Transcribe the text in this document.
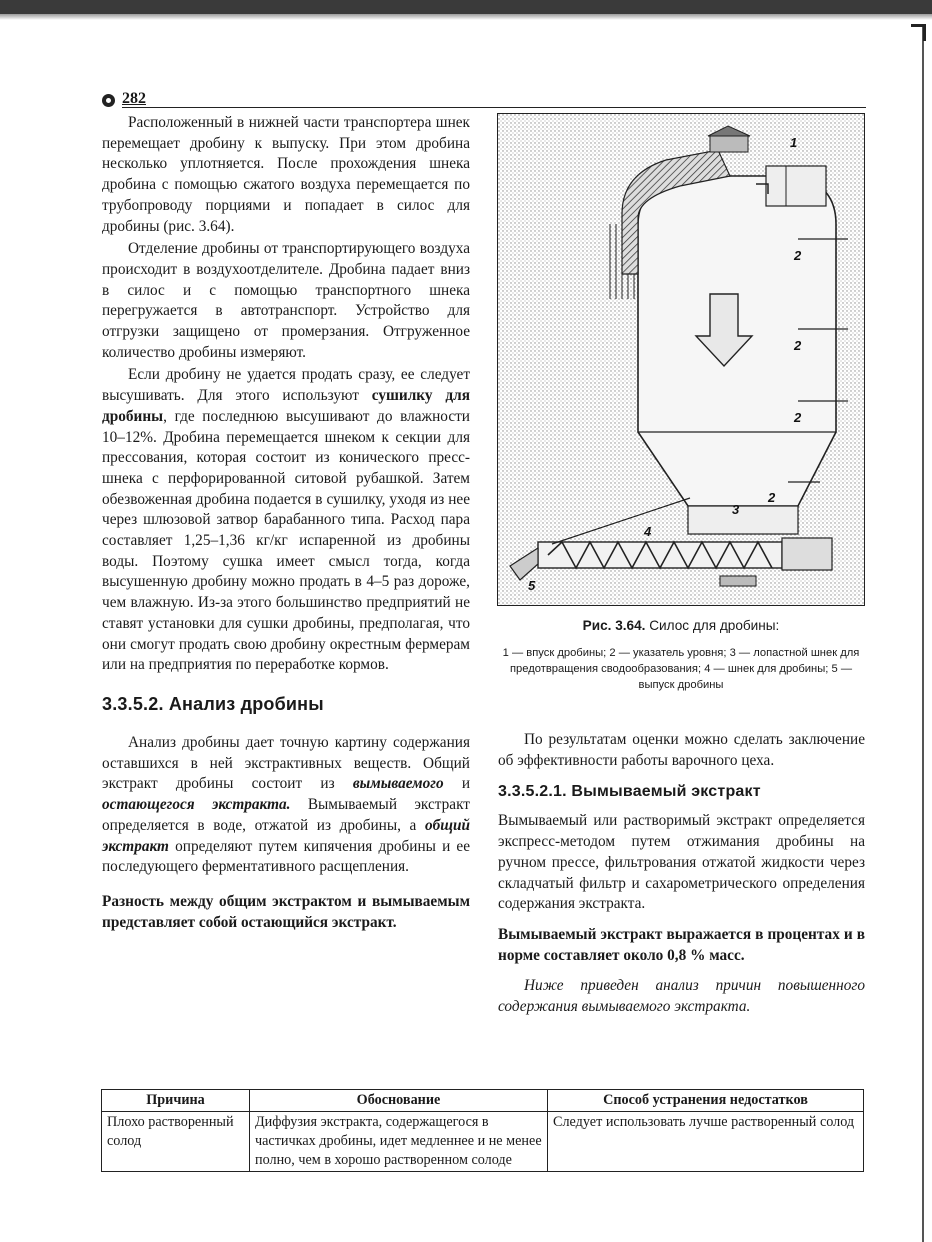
282

Расположенный в нижней части транспортера шнек перемещает дробину к выпуску. При этом дробина несколько уплотняется. После прохождения шнека дробина с помощью сжатого воздуха перемещается по трубопроводу порциями и попадает в силос для дробины (рис. 3.64).

Отделение дробины от транспортирующего воздуха происходит в воздухоотделителе. Дробина падает вниз в силос и с помощью транспортного шнека перегружается в автотранспорт. Устройство для отгрузки защищено от промерзания. Отгруженное количество дробины измеряют.

Если дробину не удается продать сразу, ее следует высушивать. Для этого используют сушилку для дробины, где последнюю высушивают до влажности 10–12%. Дробина перемещается шнеком к секции для прессования, которая состоит из конического пресс-шнека с перфорированной ситовой рубашкой. Затем обезвоженная дробина подается в сушилку, уходя из нее через шлюзовой затвор барабанного типа. Расход пара составляет 1,25–1,36 кг/кг испаренной из дробины воды. Поэтому сушка имеет смысл тогда, когда высушенную дробину можно продать в 4–5 раз дороже, чем влажную. Из-за этого большинство предприятий не ставят установки для сушки дробины, предполагая, что они смогут продать свою дробину окрестным фермерам или на предприятия по переработке кормов.

3.3.5.2. Анализ дробины

Анализ дробины дает точную картину содержания оставшихся в ней экстрактивных веществ. Общий экстракт дробины состоит из вымываемого и остающегося экстракта. Вымываемый экстракт определяется в воде, отжатой из дробины, а общий экстракт определяют путем кипячения дробины и ее последующего ферментативного расщепления.

Разность между общим экстрактом и вымываемым представляет собой остающийся экстракт.

1
2
2
2
2
3
4
5
Рис. 3.64. Силос для дробины:
1 — впуск дробины; 2 — указатель уровня; 3 — лопастной шнек для предотвращения сводообразования; 4 — шнек для дробины; 5 — выпуск дробины

По результатам оценки можно сделать заключение об эффективности работы варочного цеха.

3.3.5.2.1. Вымываемый экстракт

Вымываемый или растворимый экстракт определяется экспресс-методом путем отжимания дробины на ручном прессе, фильтрования отжатой жидкости через складчатый фильтр и сахарометрического определения содержания экстракта.

Вымываемый экстракт выражается в процентах и в норме составляет около 0,8 % масс.

Ниже приведен анализ причин повышенного содержания вымываемого экстракта.

Причина	Обоснование	Способ устранения недостатков
Плохо растворенный солод	Диффузия экстракта, содержащегося в частичках дробины, идет медленнее и не менее полно, чем в хорошо растворенном солоде	Следует использовать лучше растворенный солод
